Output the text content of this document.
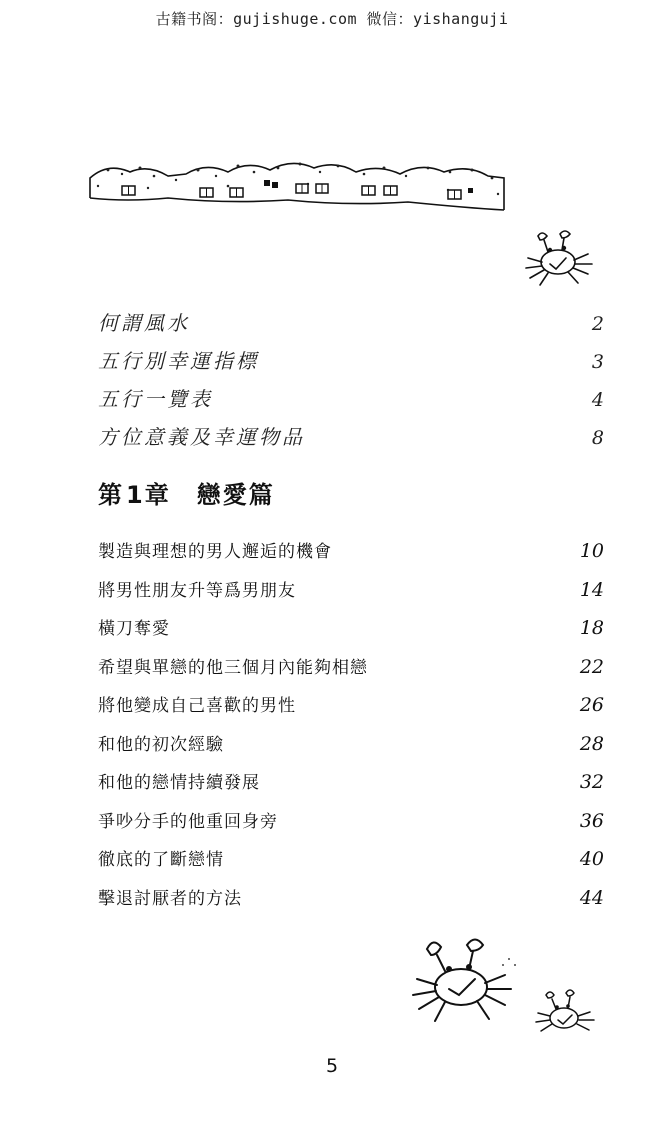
古籍书阁：gujishuge.com 微信：yishanguji
何謂風水	2
五行別幸運指標	3
五行一覽表	4
方位意義及幸運物品	8
第1章 戀愛篇
製造與理想的男人邂逅的機會	10
將男性朋友升等爲男朋友	14
橫刀奪愛	18
希望與單戀的他三個月內能夠相戀	22
將他變成自己喜歡的男性	26
和他的初次經驗	28
和他的戀情持續發展	32
爭吵分手的他重回身旁	36
徹底的了斷戀情	40
擊退討厭者的方法	44
5
